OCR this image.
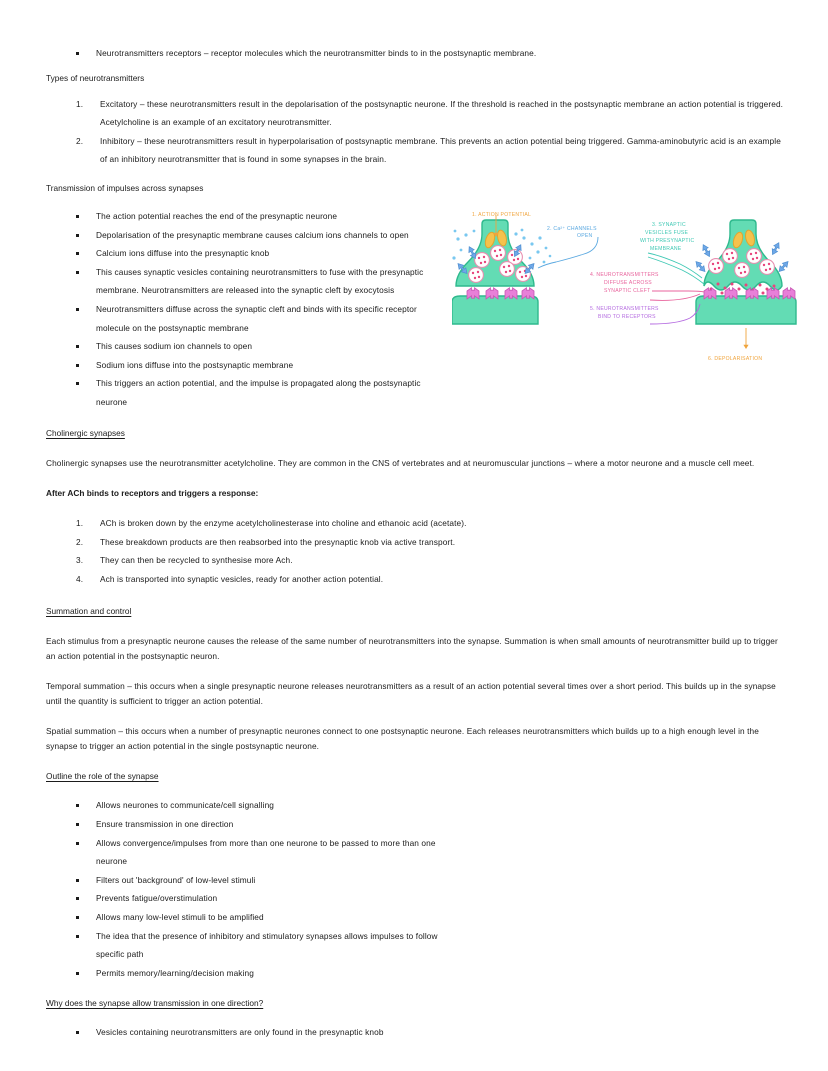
Neurotransmitters receptors – receptor molecules which the neurotransmitter binds to in the postsynaptic membrane.

Types of neurotransmitters

Excitatory – these neurotransmitters result in the depolarisation of the postsynaptic neurone. If the threshold is reached in the postsynaptic membrane an action potential is triggered. Acetylcholine is an example of an excitatory neurotransmitter.
Inhibitory – these neurotransmitters result in hyperpolarisation of postsynaptic membrane. This prevents an action potential being triggered. Gamma-aminobutyric acid is an example of an inhibitory neurotransmitter that is found in some synapses in the brain.

Transmission of impulses across synapses

The action potential reaches the end of the presynaptic neurone
Depolarisation of the presynaptic membrane causes calcium ions channels to open
Calcium ions diffuse into the presynaptic knob
This causes synaptic vesicles containing neurotransmitters to fuse with the presynaptic membrane. Neurotransmitters are released into the synaptic cleft by exocytosis
Neurotransmitters diffuse across the synaptic cleft and binds with its specific receptor molecule on the postsynaptic membrane
This causes sodium ion channels to open
Sodium ions diffuse into the postsynaptic membrane
This triggers an action potential, and the impulse is propagated along the postsynaptic neurone

Cholinergic synapses

Cholinergic synapses use the neurotransmitter acetylcholine. They are common in the CNS of vertebrates and at neuromuscular junctions – where a motor neurone and a muscle cell meet.

After ACh binds to receptors and triggers a response:

ACh is broken down by the enzyme acetylcholinesterase into choline and ethanoic acid (acetate).
These breakdown products are then reabsorbed into the presynaptic knob via active transport.
They can then be recycled to synthesise more Ach.
Ach is transported into synaptic vesicles, ready for another action potential.

Summation and control

Each stimulus from a presynaptic neurone causes the release of the same number of neurotransmitters into the synapse. Summation is when small amounts of neurotransmitter build up to trigger an action potential in the postsynaptic neuron.

Temporal summation – this occurs when a single presynaptic neurone releases neurotransmitters as a result of an action potential several times over a short period. This builds up in the synapse until the quantity is sufficient to trigger an action potential.

Spatial summation – this occurs when a number of presynaptic neurones connect to one postsynaptic neurone. Each releases neurotransmitters which builds up to a high enough level in the synapse to trigger an action potential in the single postsynaptic neurone.

Outline the role of the synapse

Allows neurones to communicate/cell signalling
Ensure transmission in one direction
Allows convergence/impulses from more than one neurone to be passed to more than one neurone
Filters out 'background' of low-level stimuli
Prevents fatigue/overstimulation
Allows many low-level stimuli to be amplified
The idea that the presence of inhibitory and stimulatory synapses allows impulses to follow specific path
Permits memory/learning/decision making

Why does the synapse allow transmission in one direction?

Vesicles containing neurotransmitters are only found in the presynaptic knob
1. ACTION POTENTIAL
2. Ca²⁺ CHANNELS
OPEN
3. SYNAPTIC
VESICLES FUSE
WITH PRESYNAPTIC
MEMBRANE
4. NEUROTRANSMITTERS
DIFFUSE ACROSS
SYNAPTIC CLEFT
5. NEUROTRANSMITTERS
BIND TO RECEPTORS
6. DEPOLARISATION
